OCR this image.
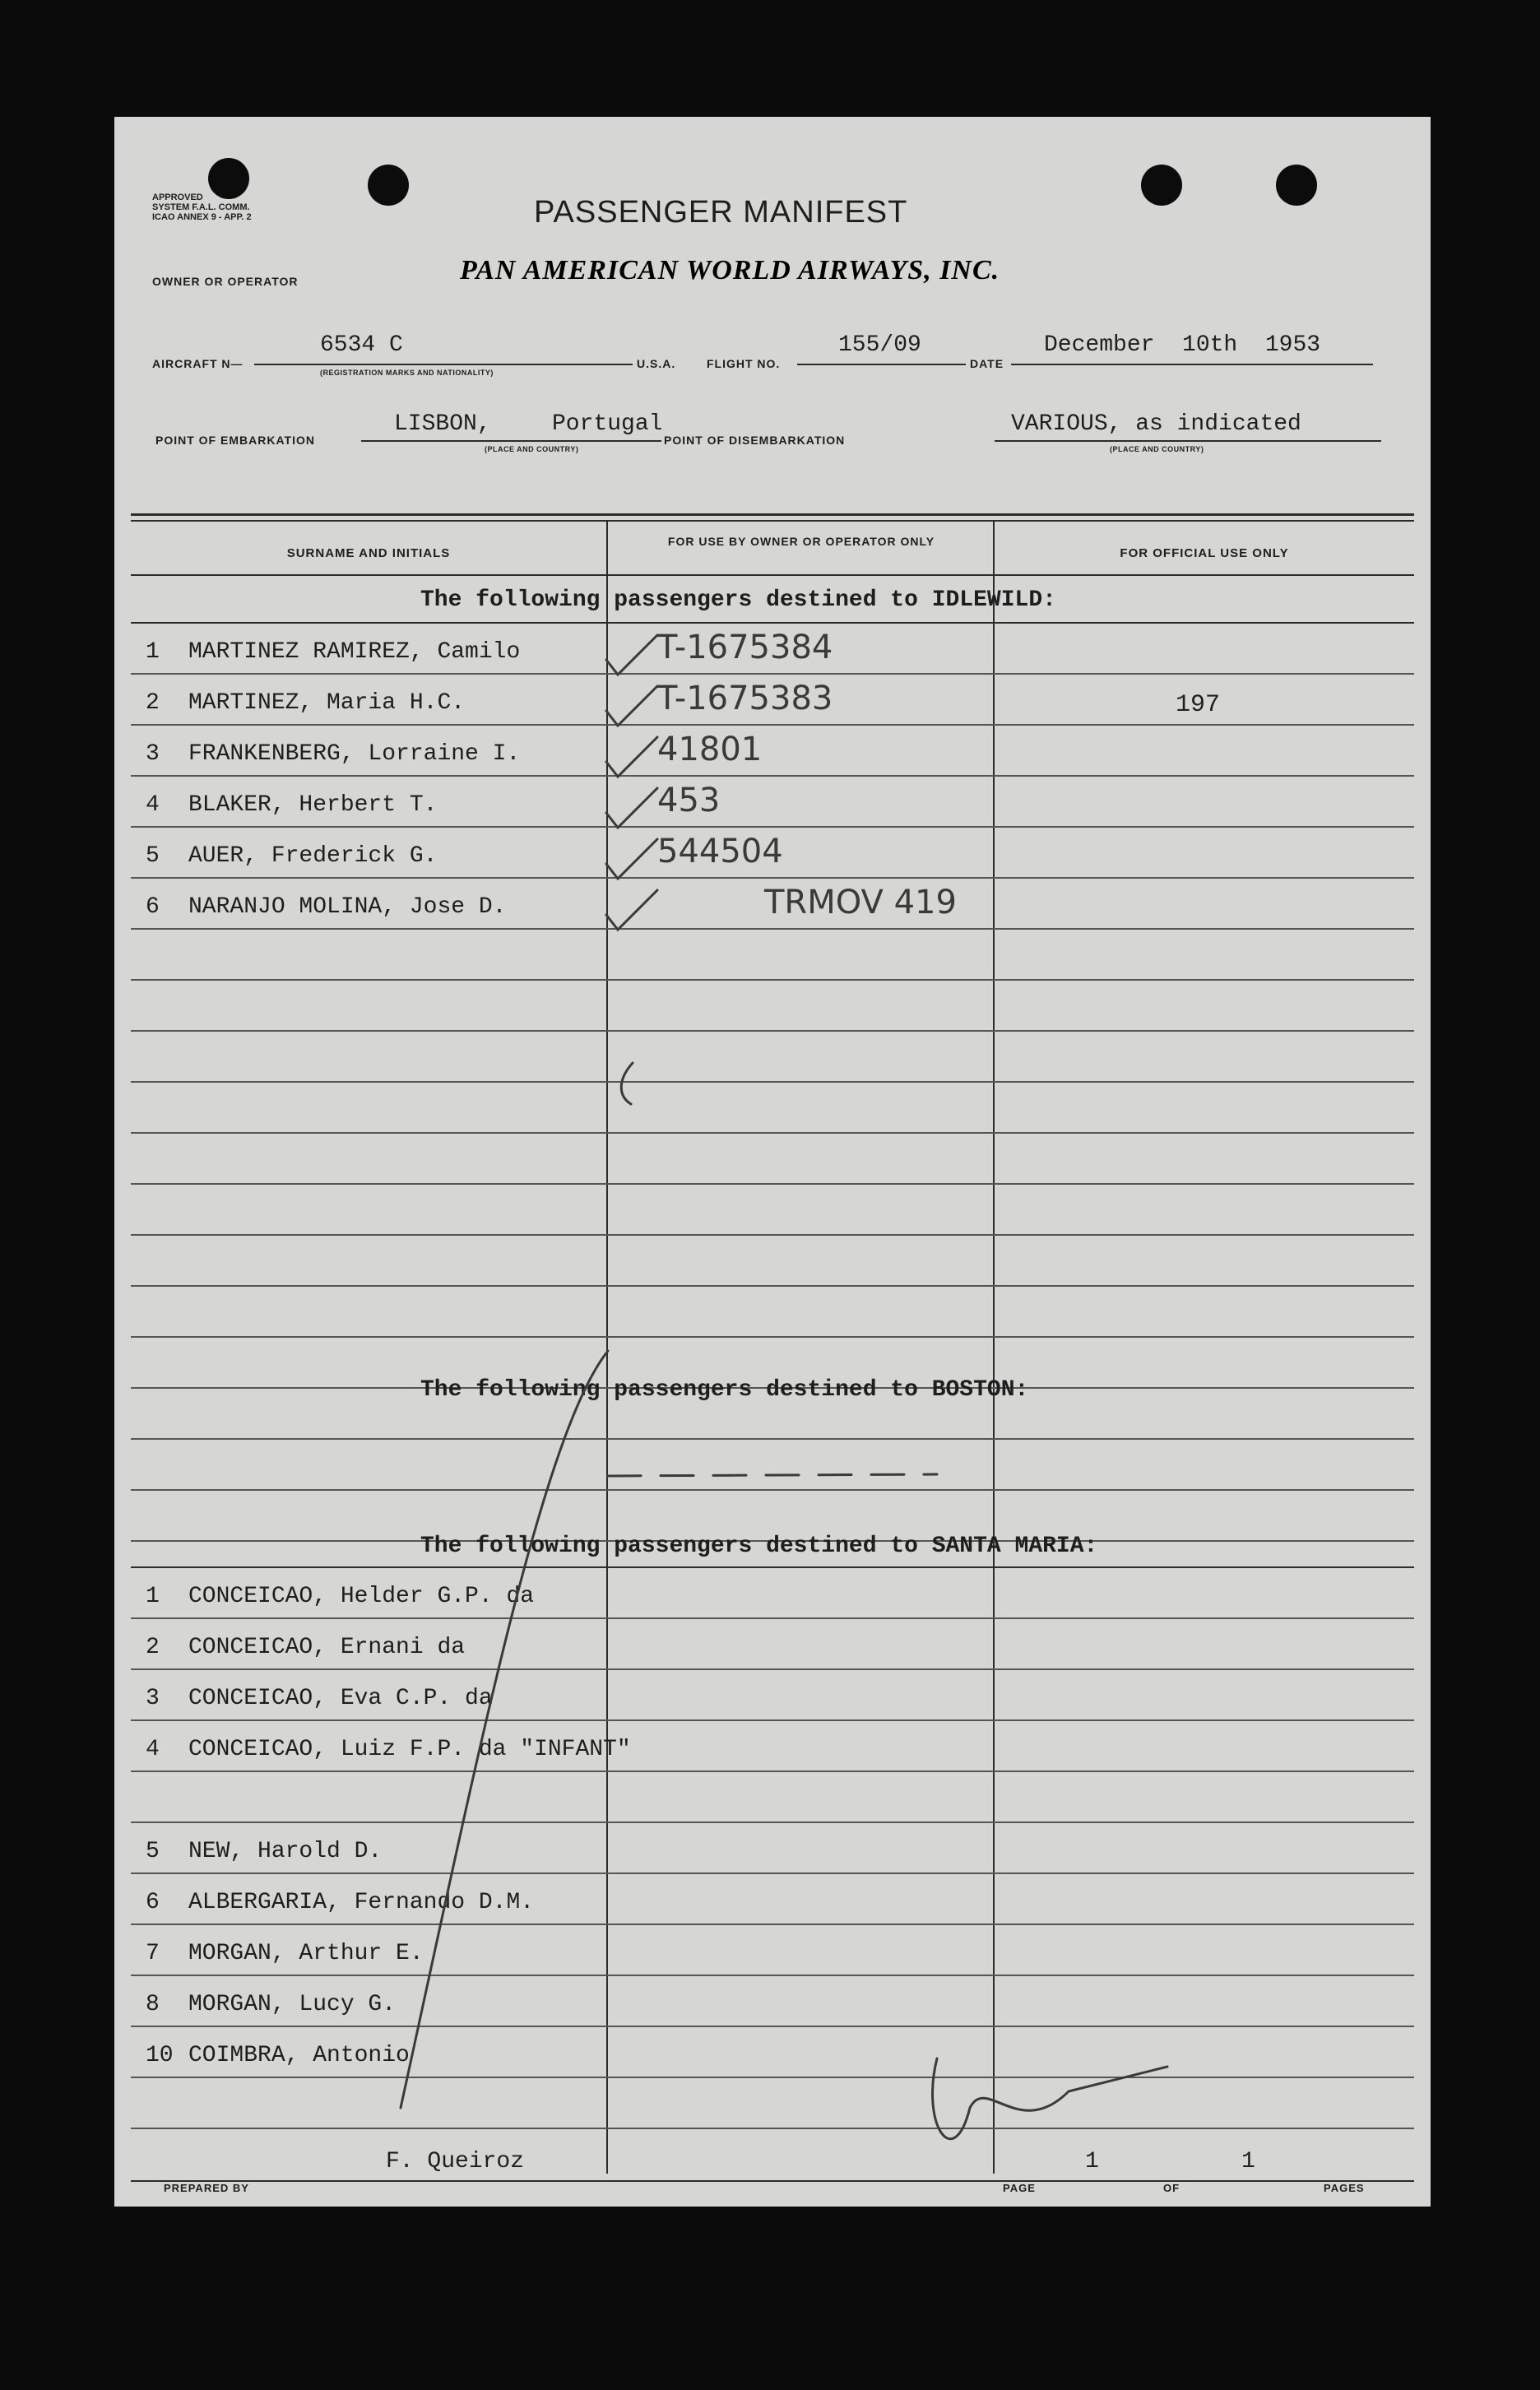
APPROVED
SYSTEM F.A.L. COMM.
ICAO ANNEX 9 - APP. 2	PASSENGER MANIFEST
OWNER OR OPERATOR	PAN AMERICAN WORLD AIRWAYS, INC.
AIRCRAFT N—
6534 C
(REGISTRATION MARKS AND NATIONALITY)
U.S.A.	FLIGHT NO.
155/09
DATE
December  10th  1953
POINT OF EMBARKATION
LISBON,	Portugal
(PLACE AND COUNTRY)
POINT OF DISEMBARKATION
VARIOUS, as indicated
(PLACE AND COUNTRY)
SURNAME AND INITIALS
FOR USE BY OWNER OR OPERATOR ONLY
FOR OFFICIAL USE ONLY
The following passengers destined to IDLEWILD:
1 MARTINEZ RAMIREZ, Camilo	T-1675384
2 MARTINEZ, Maria H.C.	T-1675383	197
3 FRANKENBERG, Lorraine I.	41801
4 BLAKER, Herbert T.	453
5 AUER, Frederick G.	544504
6 NARANJO MOLINA, Jose D.	TRMOV 419
The following passengers destined to BOSTON:
The following passengers destined to SANTA MARIA:
1 CONCEICAO, Helder G.P. da
2 CONCEICAO, Ernani da
3 CONCEICAO, Eva C.P. da
4 CONCEICAO, Luiz F.P. da "INFANT"
5 NEW, Harold D.
6 ALBERGARIA, Fernando D.M.
7 MORGAN, Arthur E.
8 MORGAN, Lucy G.
10 COIMBRA, Antonio
PREPARED BY
F. Queiroz
PAGE
1
OF
1
PAGES
